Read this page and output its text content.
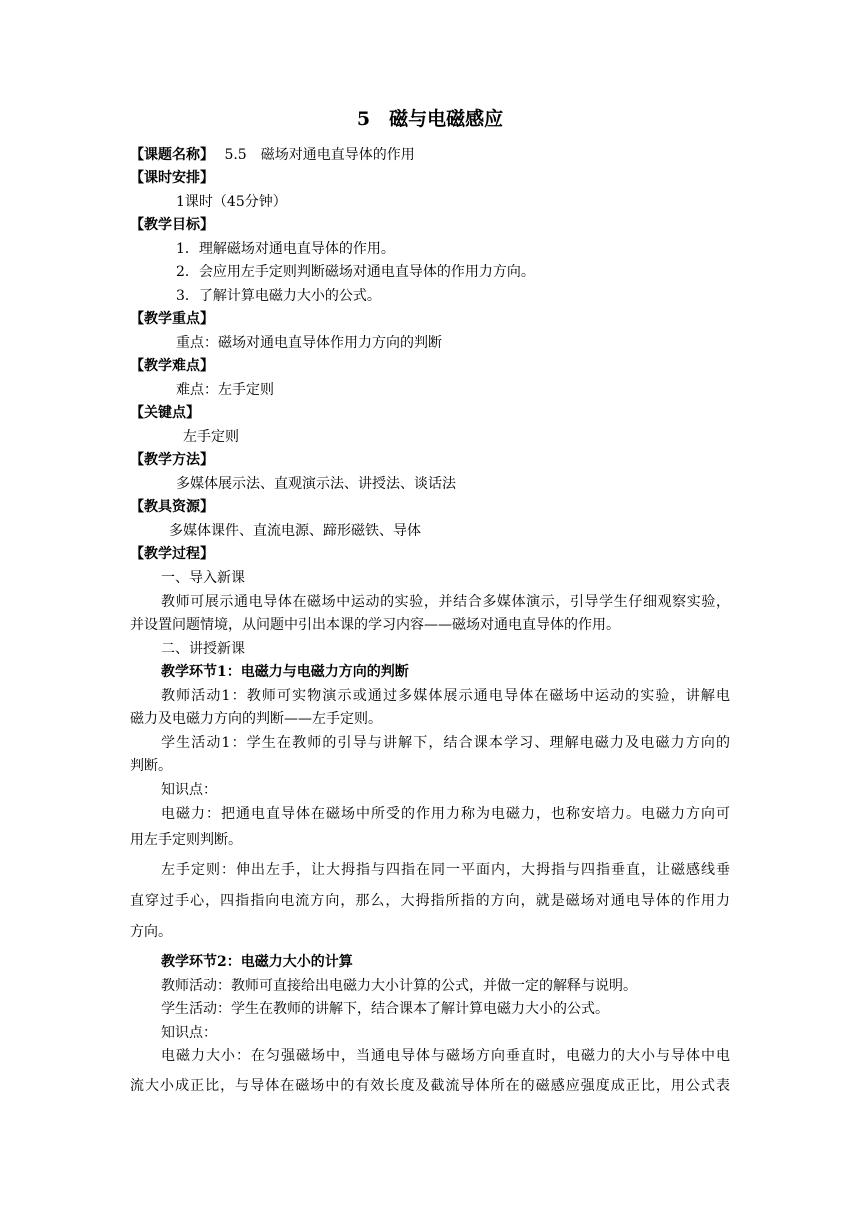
5　磁与电磁感应
【课题名称】 5.5　磁场对通电直导体的作用
【课时安排】
1课时（45分钟）
【教学目标】
1．理解磁场对通电直导体的作用。
2．会应用左手定则判断磁场对通电直导体的作用力方向。
3．了解计算电磁力大小的公式。
【教学重点】
重点：磁场对通电直导体作用力方向的判断
【教学难点】
难点：左手定则
【关键点】
左手定则
【教学方法】
多媒体展示法、直观演示法、讲授法、谈话法
【教具资源】
多媒体课件、直流电源、蹄形磁铁、导体
【教学过程】
一、导入新课
教师可展示通电导体在磁场中运动的实验，并结合多媒体演示，引导学生仔细观察实验，
并设置问题情境，从问题中引出本课的学习内容——磁场对通电直导体的作用。
二、讲授新课
教学环节1：电磁力与电磁力方向的判断
教师活动1：教师可实物演示或通过多媒体展示通电导体在磁场中运动的实验，讲解电
磁力及电磁力方向的判断——左手定则。
学生活动1：学生在教师的引导与讲解下，结合课本学习、理解电磁力及电磁力方向的
判断。
知识点：
电磁力：把通电直导体在磁场中所受的作用力称为电磁力，也称安培力。电磁力方向可
用左手定则判断。
左手定则：伸出左手，让大拇指与四指在同一平面内，大拇指与四指垂直，让磁感线垂
直穿过手心，四指指向电流方向，那么，大拇指所指的方向，就是磁场对通电导体的作用力
方向。
教学环节2：电磁力大小的计算
教师活动：教师可直接给出电磁力大小计算的公式，并做一定的解释与说明。
学生活动：学生在教师的讲解下，结合课本了解计算电磁力大小的公式。
知识点：
电磁力大小：在匀强磁场中，当通电导体与磁场方向垂直时，电磁力的大小与导体中电
流大小成正比，与导体在磁场中的有效长度及截流导体所在的磁感应强度成正比，用公式表
